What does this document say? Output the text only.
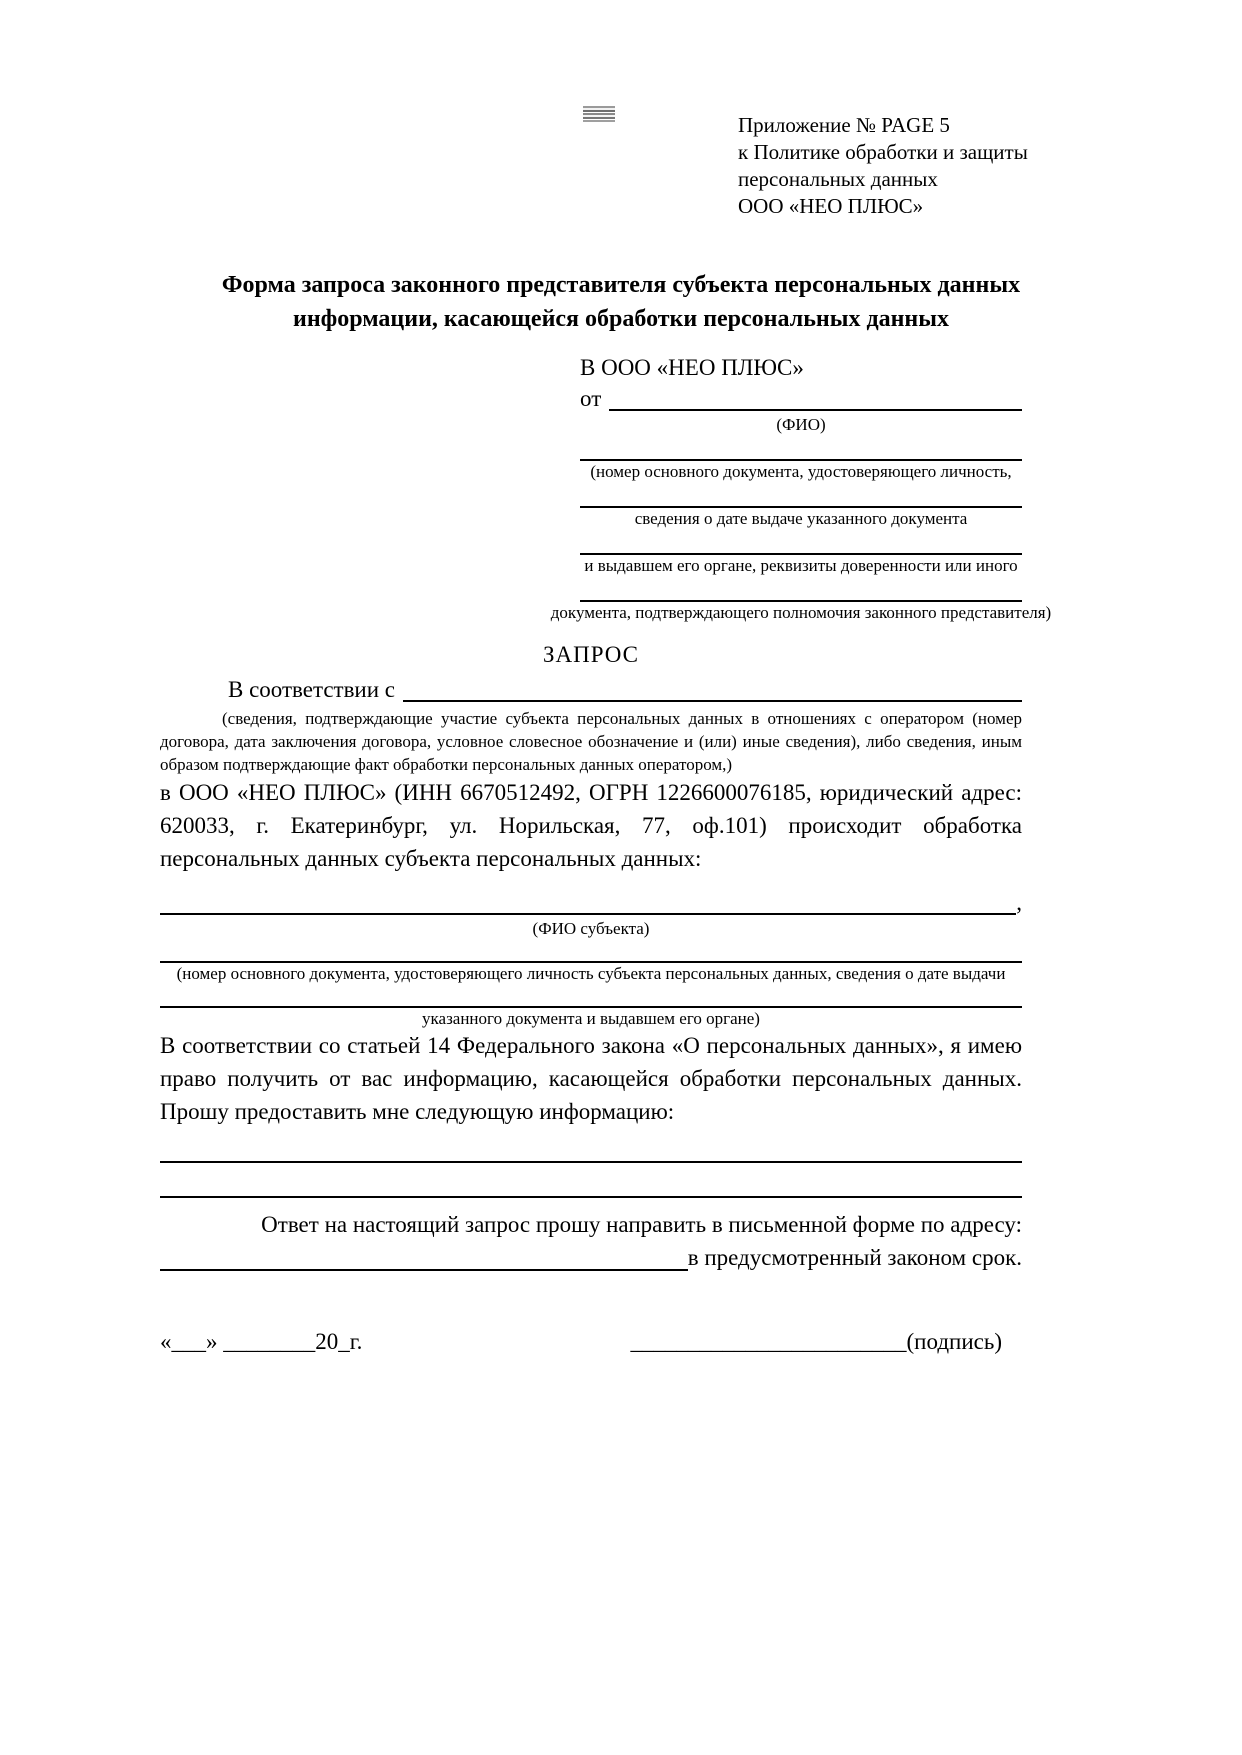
Приложение № PAGE 5
к Политике обработки и защиты
персональных данных
ООО «НЕО ПЛЮС»
Форма запроса законного представителя субъекта персональных данных информации, касающейся обработки персональных данных
В ООО «НЕО ПЛЮС»
от
(ФИО)
(номер основного документа, удостоверяющего личность,
сведения о дате выдаче указанного документа
и выдавшем его органе, реквизиты доверенности или иного
документа, подтверждающего полномочия законного представителя)
ЗАПРОС
В соответствии с
(сведения, подтверждающие участие субъекта персональных данных в отношениях с оператором (номер договора, дата заключения договора, условное словесное обозначение и (или) иные сведения), либо сведения, иным образом подтверждающие факт обработки персональных данных оператором,)
в ООО «НЕО ПЛЮС» (ИНН 6670512492, ОГРН 1226600076185, юридический адрес: 620033, г. Екатеринбург, ул. Норильская, 77, оф.101) происходит обработка персональных данных субъекта персональных данных:
,
(ФИО субъекта)
(номер основного документа, удостоверяющего личность субъекта персональных данных, сведения о дате выдачи
указанного документа и выдавшем его органе)
В соответствии со статьей 14 Федерального закона «О персональных данных», я имею право получить от вас информацию, касающейся обработки персональных данных. Прошу предоставить мне следующую информацию:
Ответ на настоящий запрос прошу направить в письменной форме по адресу:
в предусмотренный законом срок.
«___» ________20_г.	________________________(подпись)
